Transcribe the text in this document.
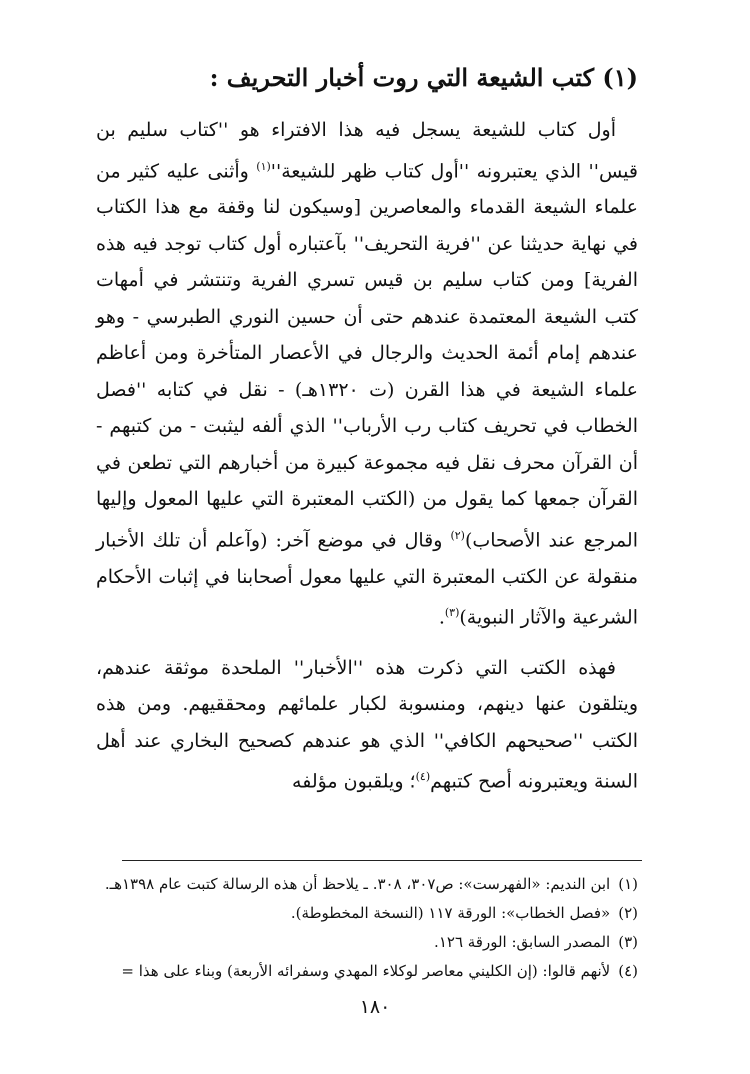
(١) كتب الشيعة التي روت أخبار التحريف :

أول كتاب للشيعة يسجل فيه هذا الافتراء هو ''كتاب سليم بن قيس'' الذي يعتبرونه ''أول كتاب ظهر $للشيعة''^{(١)}$ وأثنى عليه كثير من علماء الشيعة القدماء والمعاصرين [وسيكون لنا وقفة مع هذا الكتاب في نهاية حديثنا عن ''فرية التحريف'' بآعتباره أول كتاب توجد فيه هذه الفرية] ومن كتاب سليم بن قيس تسري الفرية وتنتشر في أمهات كتب الشيعة المعتمدة عندهم حتى أن حسين النوري الطبرسي - وهو عندهم إمام أئمة الحديث والرجال في الأعصار المتأخرة ومن أعاظم علماء الشيعة في هذا القرن (ت ١٣٢٠هـ) - نقل في كتابه ''فصل الخطاب في تحريف كتاب رب الأرباب'' الذي ألفه ليثبت - من كتبهم - أن القرآن محرف نقل فيه مجموعة كبيرة من أخبارهم التي تطعن في القرآن جمعها كما يقول من (الكتب المعتبرة التي عليها المعول وإليها المرجع عند الأصحاب)$^{(٢)}$ وقال في موضع آخر: (وآعلم أن تلك الأخبار منقولة عن الكتب المعتبرة التي عليها معول أصحابنا في إثبات الأحكام الشرعية والآثار النبوية)$^{(٣)}$.

فهذه الكتب التي ذكرت هذه ''الأخبار'' الملحدة موثقة عندهم، ويتلقون عنها دينهم، ومنسوبة لكبار علمائهم ومحققيهم. ومن هذه الكتب ''صحيحهم الكافي'' الذي هو عندهم كصحيح البخاري عند أهل السنة ويعتبرونه أصح كتبهم$^{(٤)}$؛ ويلقبون مؤلفه

(١)ابن النديم: «الفهرست»: ص٣٠٧، ٣٠٨. ـ يلاحظ أن هذه الرسالة كتبت عام ١٣٩٨هـ.

(٢)«فصل الخطاب»: الورقة ١١٧ (النسخة المخطوطة).

(٣)المصدر السابق: الورقة ١٢٦.

(٤)لأنهم قالوا: (إن الكليني معاصر لوكلاء المهدي وسفرائه الأربعة) وبناء على هذا =

١٨٠
